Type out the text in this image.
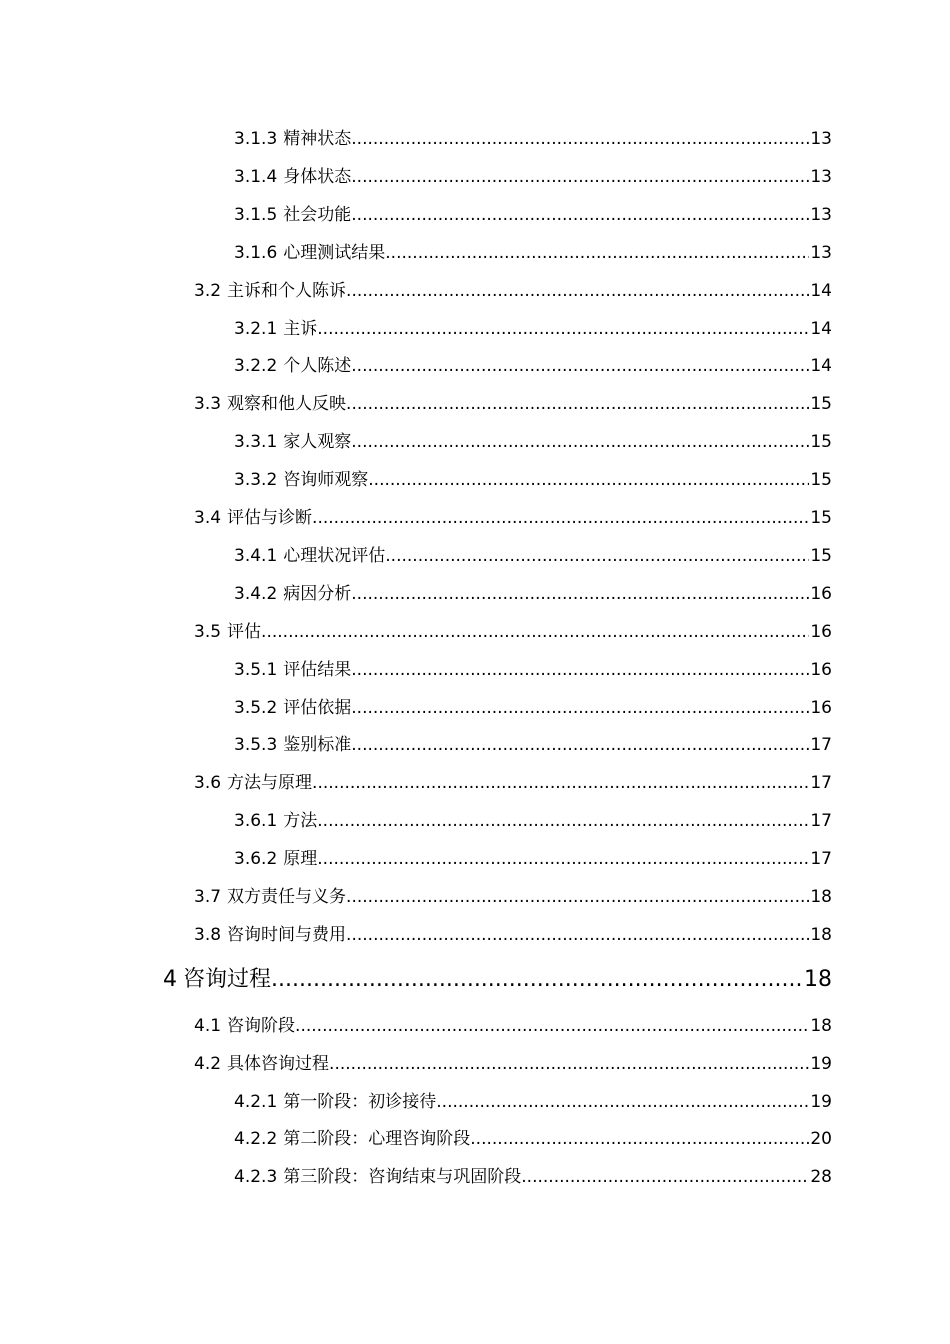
3.1.3 精神状态 .....	13
3.1.4 身体状态 .....	13
3.1.5 社会功能 .....	13
3.1.6 心理测试结果 .....	13
3.2 主诉和个人陈诉 .....	14
3.2.1 主诉 .....	14
3.2.2 个人陈述 .....	14
3.3 观察和他人反映 .....	15
3.3.1 家人观察 .....	15
3.3.2 咨询师观察 .....	15
3.4 评估与诊断 .....	15
3.4.1 心理状况评估 .....	15
3.4.2 病因分析 .....	16
3.5 评估 .....	16
3.5.1 评估结果 .....	16
3.5.2 评估依据 .....	16
3.5.3 鉴别标准 .....	17
3.6 方法与原理 .....	17
3.6.1 方法 .....	17
3.6.2 原理 .....	17
3.7 双方责任与义务 .....	18
3.8 咨询时间与费用 .....	18
4 咨询过程 .....	18
4.1 咨询阶段 .....	18
4.2 具体咨询过程 .....	19
4.2.1 第一阶段：初诊接待 .....	19
4.2.2 第二阶段：心理咨询阶段 .....	20
4.2.3 第三阶段：咨询结束与巩固阶段 .....	28
